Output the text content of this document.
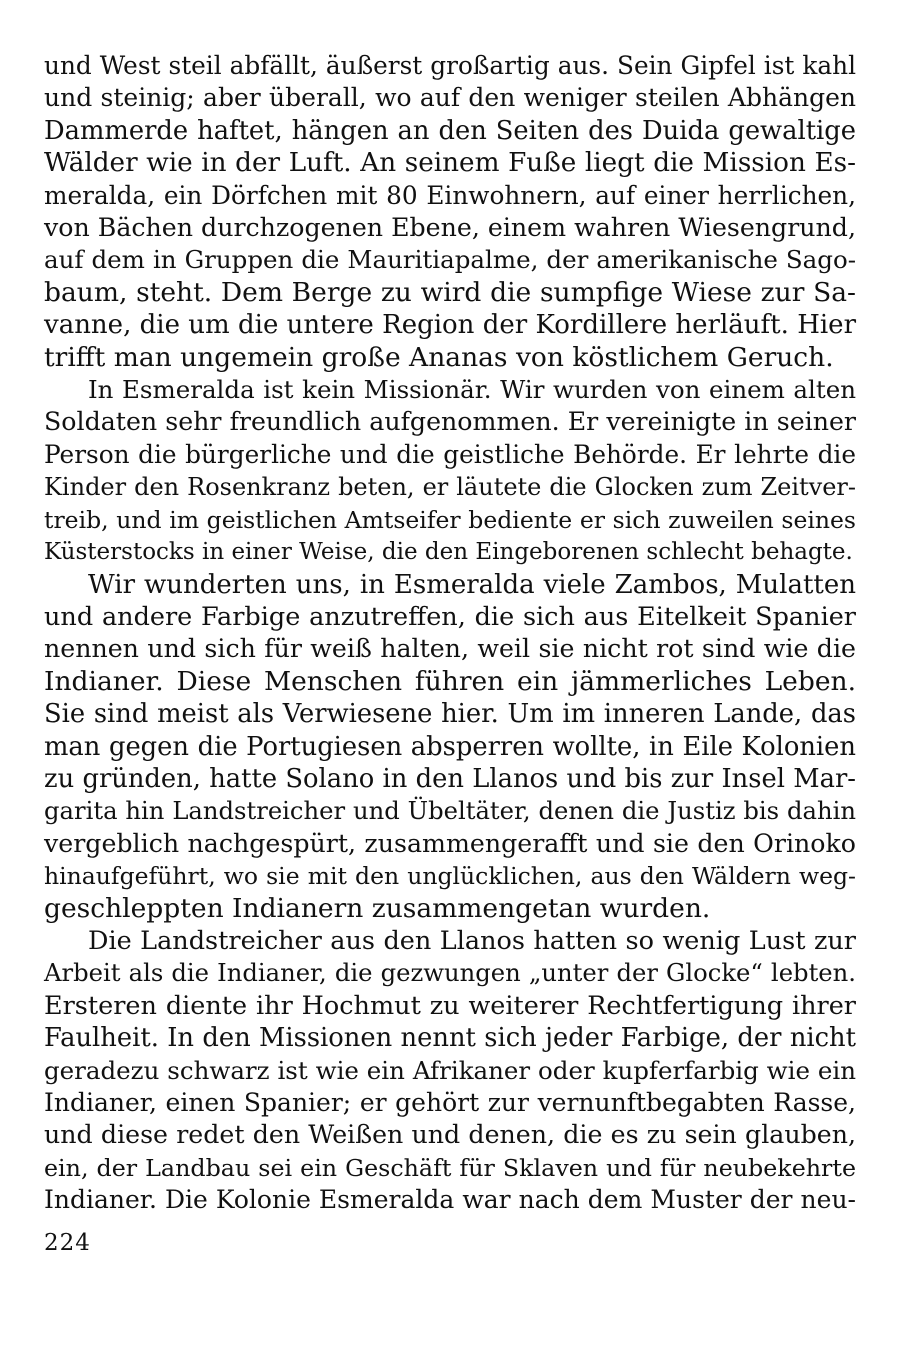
und West steil abfällt, äußerst großartig aus. Sein Gipfel ist kahl
und steinig; aber überall, wo auf den weniger steilen Abhängen
Dammerde haftet, hängen an den Seiten des Duida gewaltige
Wälder wie in der Luft. An seinem Fuße liegt die Mission Es-
meralda, ein Dörfchen mit 80 Einwohnern, auf einer herrlichen,
von Bächen durchzogenen Ebene, einem wahren Wiesengrund,
auf dem in Gruppen die Mauritiapalme, der amerikanische Sago-
baum, steht. Dem Berge zu wird die sumpfige Wiese zur Sa-
vanne, die um die untere Region der Kordillere herläuft. Hier
trifft man ungemein große Ananas von köstlichem Geruch.

In Esmeralda ist kein Missionär. Wir wurden von einem alten
Soldaten sehr freundlich aufgenommen. Er vereinigte in seiner
Person die bürgerliche und die geistliche Behörde. Er lehrte die
Kinder den Rosenkranz beten, er läutete die Glocken zum Zeitver-
treib, und im geistlichen Amtseifer bediente er sich zuweilen seines
Küsterstocks in einer Weise, die den Eingeborenen schlecht behagte.

Wir wunderten uns, in Esmeralda viele Zambos, Mulatten
und andere Farbige anzutreffen, die sich aus Eitelkeit Spanier
nennen und sich für weiß halten, weil sie nicht rot sind wie die
Indianer. Diese Menschen führen ein jämmerliches Leben.
Sie sind meist als Verwiesene hier. Um im inneren Lande, das
man gegen die Portugiesen absperren wollte, in Eile Kolonien
zu gründen, hatte Solano in den Llanos und bis zur Insel Mar-
garita hin Landstreicher und Übeltäter, denen die Justiz bis dahin
vergeblich nachgespürt, zusammengerafft und sie den Orinoko
hinaufgeführt, wo sie mit den unglücklichen, aus den Wäldern weg-
geschleppten Indianern zusammengetan wurden.

Die Landstreicher aus den Llanos hatten so wenig Lust zur
Arbeit als die Indianer, die gezwungen „unter der Glocke“ lebten.
Ersteren diente ihr Hochmut zu weiterer Rechtfertigung ihrer
Faulheit. In den Missionen nennt sich jeder Farbige, der nicht
geradezu schwarz ist wie ein Afrikaner oder kupferfarbig wie ein
Indianer, einen Spanier; er gehört zur vernunftbegabten Rasse,
und diese redet den Weißen und denen, die es zu sein glauben,
ein, der Landbau sei ein Geschäft für Sklaven und für neubekehrte
Indianer. Die Kolonie Esmeralda war nach dem Muster der neu-

224
